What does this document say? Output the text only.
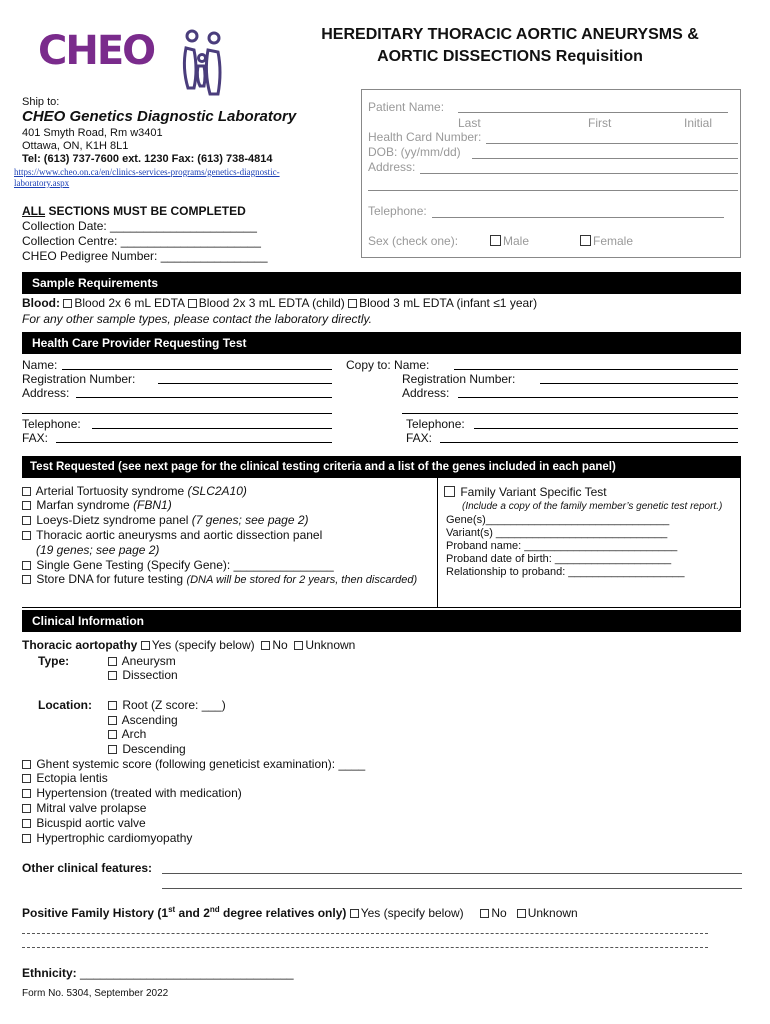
CHEO	HEREDITARY THORACIC AORTIC ANEURYSMS &
AORTIC DISSECTIONS Requisition
Ship to:
CHEO Genetics Diagnostic Laboratory
401 Smyth Road, Rm w3401
Ottawa, ON, K1H 8L1
Tel: (613) 737-7600 ext. 1230 Fax: (613) 738-4814
https://www.cheo.on.ca/en/clinics-services-programs/genetics-diagnostic-
laboratory.aspx
ALL SECTIONS MUST BE COMPLETED
Collection Date: ______________________
Collection Centre: _____________________
CHEO Pedigree Number: ________________
Patient Name:
Last	First	Initial
Health Card Number:
DOB: (yy/mm/dd)
Address:
Telephone:
Sex (check one):	Male	Female
Sample Requirements
Blood: Blood 2x 6 mL EDTA Blood 2x 3 mL EDTA (child) Blood 3 mL EDTA (infant ≤1 year)
For any other sample types, please contact the laboratory directly.
Health Care Provider Requesting Test
Name:
Registration Number:
Address:
Telephone:
FAX:
Copy to: Name:
Registration Number:
Address:
Telephone:
FAX:
Test Requested (see next page for the clinical testing criteria and a list of the genes included in each panel)
Arterial Tortuosity syndrome (SLC2A10)
Marfan syndrome (FBN1)
Loeys-Dietz syndrome panel (7 genes; see page 2)
Thoracic aortic aneurysms and aortic dissection panel
(19 genes; see page 2)
Single Gene Testing (Specify Gene): _______________
Store DNA for future testing (DNA will be stored for 2 years, then discarded)
Family Variant Specific Test
(Include a copy of the family member’s genetic test report.)
Gene(s)______________________________
Variant(s) ____________________________
Proband name: _________________________
Proband date of birth: ___________________
Relationship to proband: ___________________
Clinical Information
Thoracic aortopathy Yes (specify below) No Unknown
Type:	Aneurysm
Dissection
Location:	Root (Z score: ___)
Ascending
Arch
Descending
Ghent systemic score (following geneticist examination): ____
Ectopia lentis
Hypertension (treated with medication)
Mitral valve prolapse
Bicuspid aortic valve
Hypertrophic cardiomyopathy
Other clinical features:
Positive Family History (1st and 2nd degree relatives only) Yes (specify below) No Unknown
Ethnicity: ________________________________
Form No. 5304, September 2022
